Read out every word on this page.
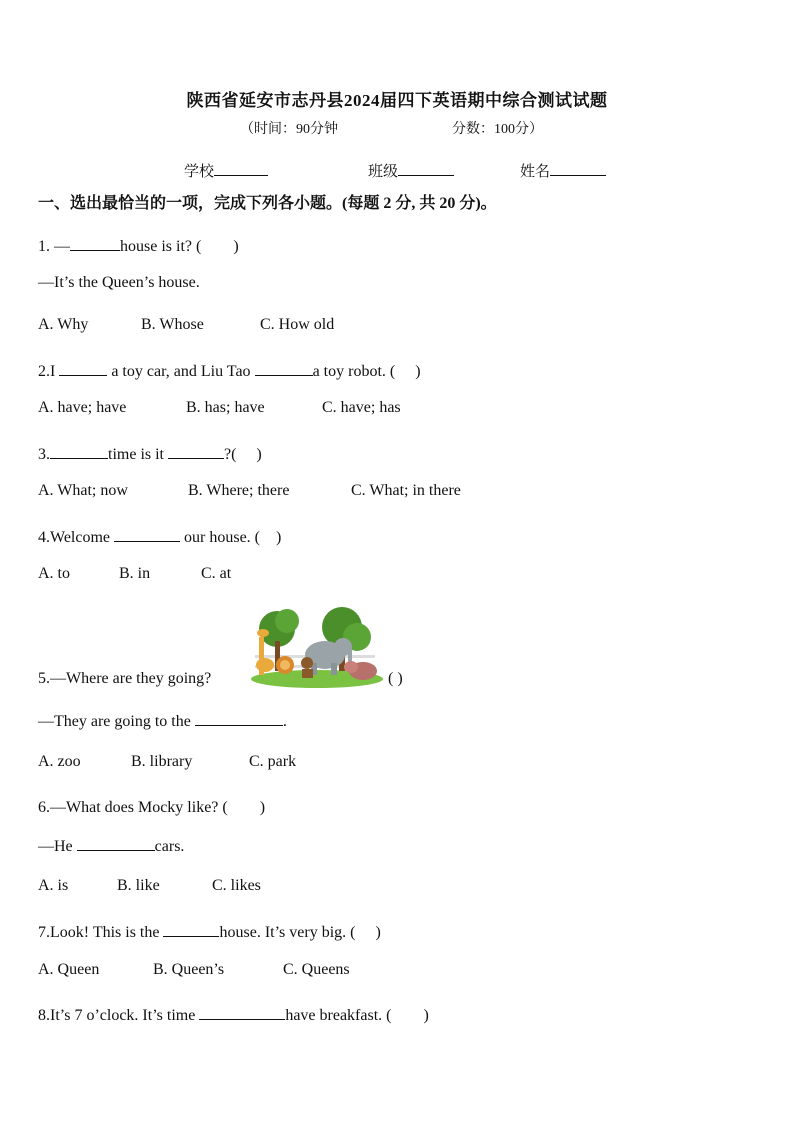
陕西省延安市志丹县2024届四下英语期中综合测试试题
（时间：90分钟	分数：100分）
学校	班级	姓名
一、选出最恰当的一项，完成下列各小题。(每题 2 分, 共 20 分)。
1. —	house is it? (　　)
—It’s the Queen’s house.
A. Why	B. Whose	C. How old
2.I	a toy car, and Liu Tao	a toy robot. (　 )
A. have; have	B. has; have	C. have; has
3.	time is it	?(　 )
A. What; now	B. Where; there	C. What; in there
4.Welcome	our house. (　)
A. to	B. in	C. at
5.—Where are they going?	( )
—They are going to the	.
A. zoo	B. library	C. park
6.—What does Mocky like? (　　)
—He	cars.
A. is	B. like	C. likes
7.Look! This is the	house. It’s very big. (　 )
A. Queen	B. Queen’s	C. Queens
8.It’s 7 o’clock. It’s time	have breakfast. (　　)
